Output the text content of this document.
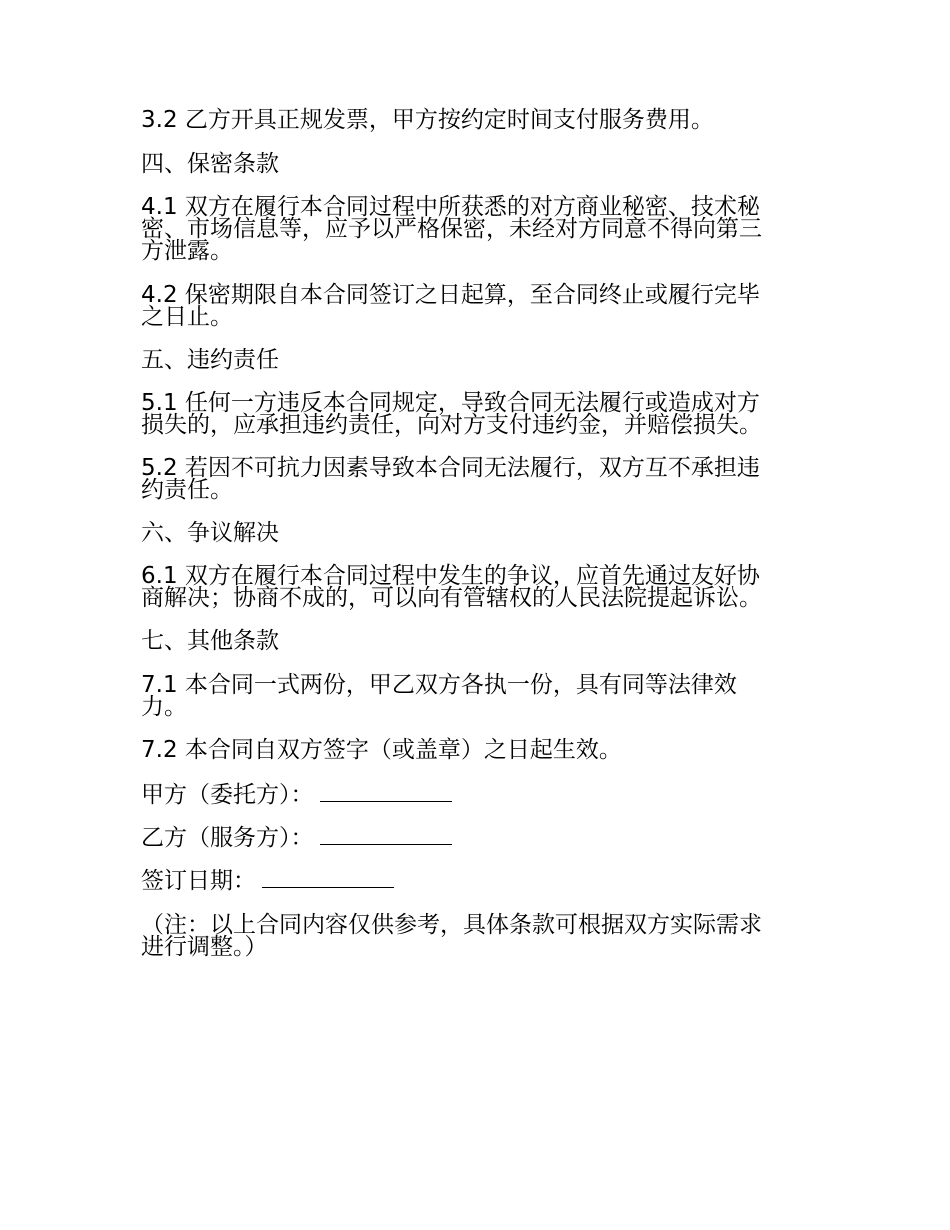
3.2 乙方开具正规发票，甲方按约定时间支付服务费用。
四、保密条款
4.1 双方在履行本合同过程中所获悉的对方商业秘密、技术秘
密、市场信息等，应予以严格保密，未经对方同意不得向第三
方泄露。
4.2 保密期限自本合同签订之日起算，至合同终止或履行完毕
之日止。
五、违约责任
5.1 任何一方违反本合同规定，导致合同无法履行或造成对方
损失的，应承担违约责任，向对方支付违约金，并赔偿损失。
5.2 若因不可抗力因素导致本合同无法履行，双方互不承担违
约责任。
六、争议解决
6.1 双方在履行本合同过程中发生的争议，应首先通过友好协
商解决；协商不成的，可以向有管辖权的人民法院提起诉讼。
七、其他条款
7.1 本合同一式两份，甲乙双方各执一份，具有同等法律效
力。
7.2 本合同自双方签字（或盖章）之日起生效。
甲方（委托方）：
乙方（服务方）：
签订日期：
（注：以上合同内容仅供参考，具体条款可根据双方实际需求
进行调整。）
